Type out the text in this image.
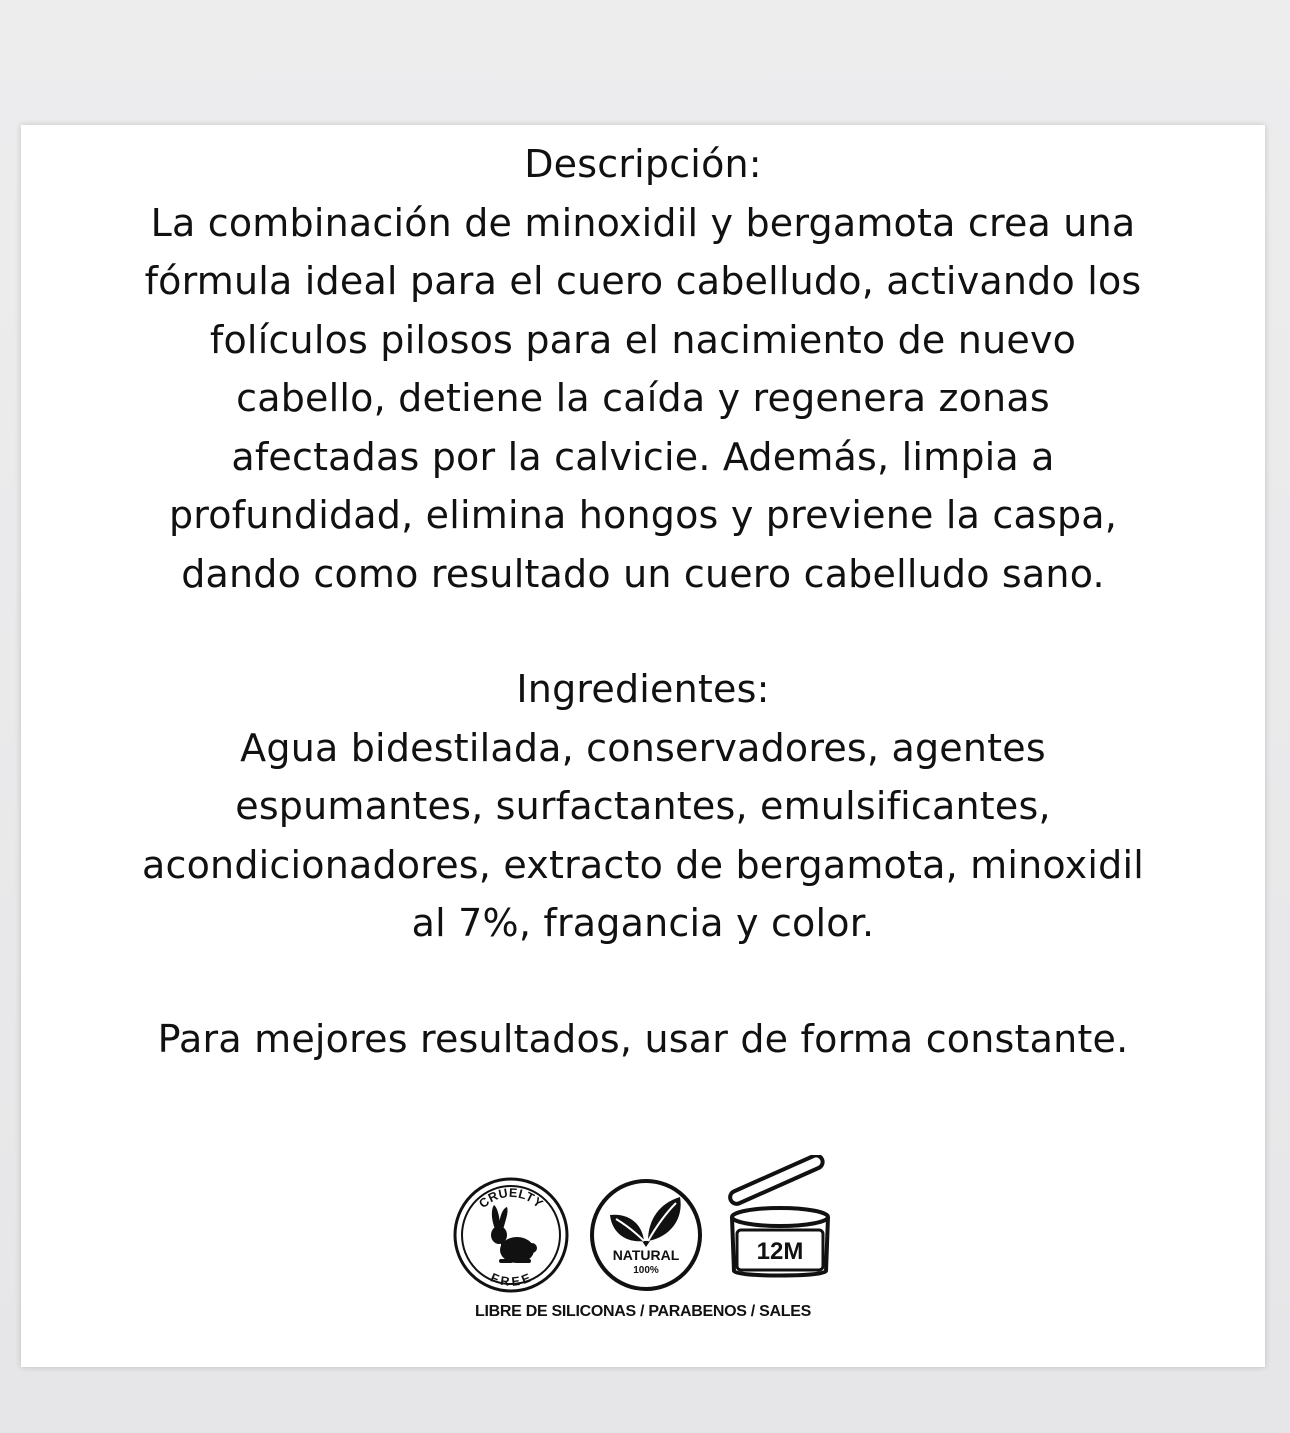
Descripción:
La combinación de minoxidil y bergamota crea una
fórmula ideal para el cuero cabelludo, activando los
folículos pilosos para el nacimiento de nuevo
cabello, detiene la caída y regenera zonas
afectadas por la calvicie. Además, limpia a
profundidad, elimina hongos y previene la caspa,
dando como resultado un cuero cabelludo sano.
Ingredientes:
Agua bidestilada, conservadores, agentes
espumantes, surfactantes, emulsificantes,
acondicionadores, extracto de bergamota, minoxidil
al 7%, fragancia y color.
Para mejores resultados, usar de forma constante.
CRUELTY
FREE
NATURAL
100%
12M
LIBRE DE SILICONAS / PARABENOS / SALES
